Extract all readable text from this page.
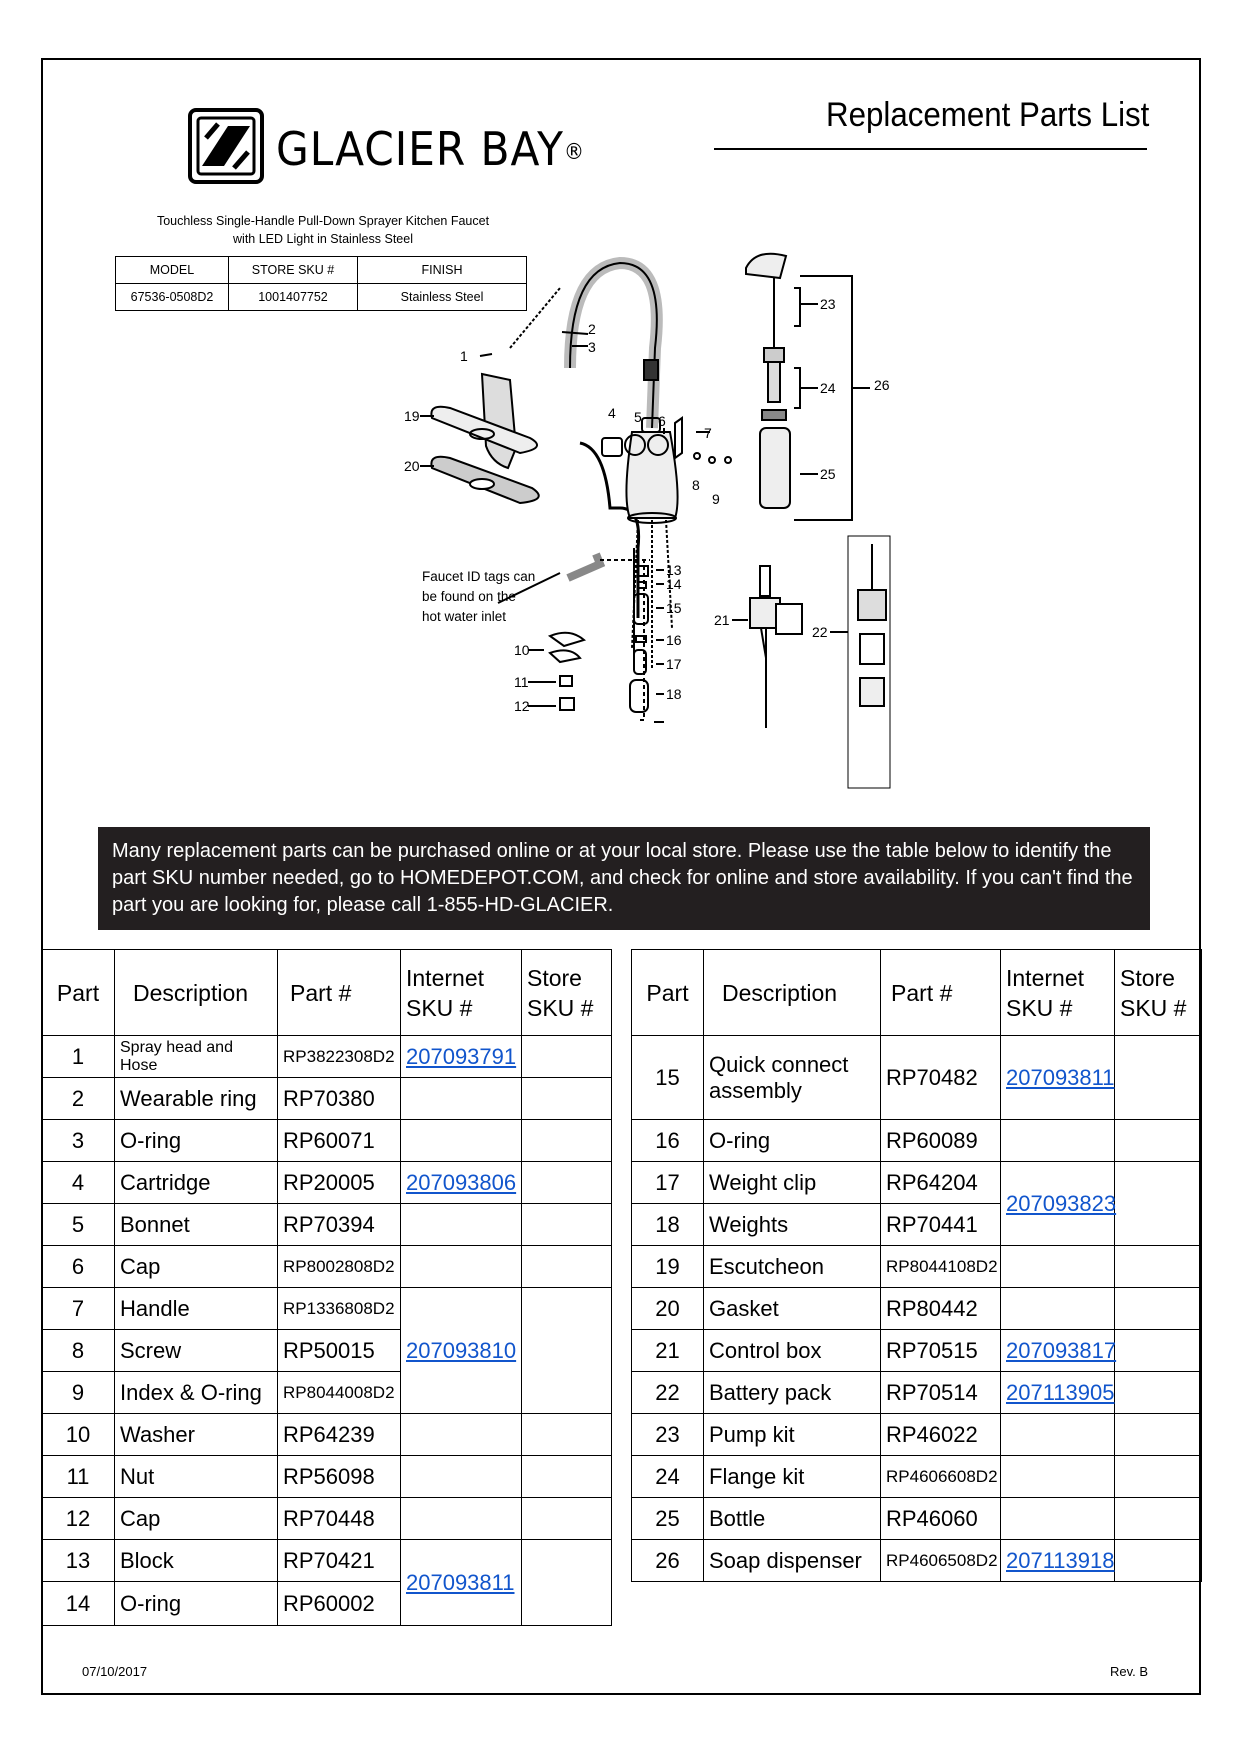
GLACIER BAY®
Replacement Parts List
Touchless Single-Handle Pull-Down Sprayer Kitchen Faucet
with LED Light in Stainless Steel
MODEL	STORE SKU #	FINISH
67536-0508D2	1001407752	Stainless Steel
1
2
3
4 5 6
7
8
9
10
11
12
13
14
15
16
17
18
19
20
21
22
23
24	26
25
Faucet ID tags can
be found on the
hot water inlet
Many replacement parts can be purchased online or at your local store. Please use the table below to identify the part SKU number needed, go to HOMEDEPOT.COM, and check for online and store availability. If you can't find the part you are looking for, please call 1-855-HD-GLACIER.
Part	Description	Part #	Internet SKU #	Store SKU #
1	Spray head and Hose	RP3822308D2	207093791	
2	Wearable ring	RP70380		
3	O-ring	RP60071		
4	Cartridge	RP20005	207093806	
5	Bonnet	RP70394		
6	Cap	RP8002808D2		
7	Handle	RP1336808D2	207093810	
8	Screw	RP50015		
9	Index & O-ring	RP8044008D2		
10	Washer	RP64239		
11	Nut	RP56098		
12	Cap	RP70448		
13	Block	RP70421	207093811	
14	O-ring	RP60002		
Part	Description	Part #	Internet SKU #	Store SKU #
15	Quick connect assembly	RP70482	207093811	
16	O-ring	RP60089		
17	Weight clip	RP64204	207093823	
18	Weights	RP70441		
19	Escutcheon	RP8044108D2		
20	Gasket	RP80442		
21	Control box	RP70515	207093817	
22	Battery pack	RP70514	207113905	
23	Pump kit	RP46022		
24	Flange kit	RP4606608D2		
25	Bottle	RP46060		
26	Soap dispenser	RP4606508D2	207113918	
07/10/2017	Rev. B
